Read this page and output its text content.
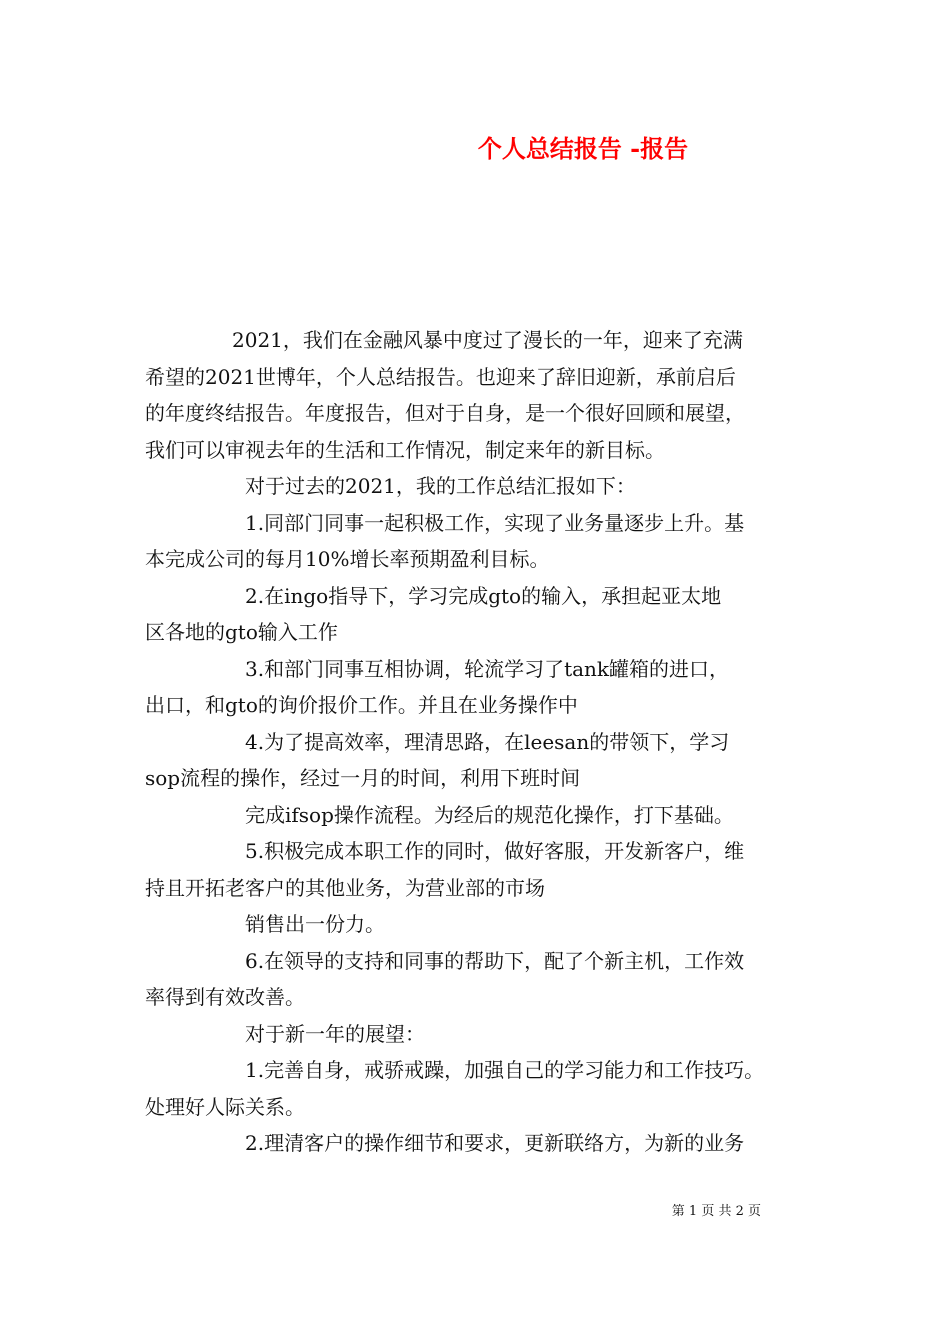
个人总结报告 -报告

2021，我们在金融风暴中度过了漫长的一年，迎来了充满

希望的2021世博年，个人总结报告。也迎来了辞旧迎新，承前启后

的年度终结报告。年度报告，但对于自身，是一个很好回顾和展望，

我们可以审视去年的生活和工作情况，制定来年的新目标。

对于过去的2021，我的工作总结汇报如下：

1.同部门同事一起积极工作，实现了业务量逐步上升。基

本完成公司的每月10%增长率预期盈利目标。

2.在ingo指导下，学习完成gto的输入，承担起亚太地

区各地的gto输入工作

3.和部门同事互相协调，轮流学习了tank罐箱的进口，

出口，和gto的询价报价工作。并且在业务操作中

4.为了提高效率，理清思路，在leesan的带领下，学习

sop流程的操作，经过一月的时间，利用下班时间

完成ifsop操作流程。为经后的规范化操作，打下基础。

5.积极完成本职工作的同时，做好客服，开发新客户，维

持且开拓老客户的其他业务，为营业部的市场

销售出一份力。

6.在领导的支持和同事的帮助下，配了个新主机，工作效

率得到有效改善。

对于新一年的展望：

1.完善自身，戒骄戒躁，加强自己的学习能力和工作技巧。

处理好人际关系。

2.理清客户的操作细节和要求，更新联络方，为新的业务

第 1 页 共 2 页
